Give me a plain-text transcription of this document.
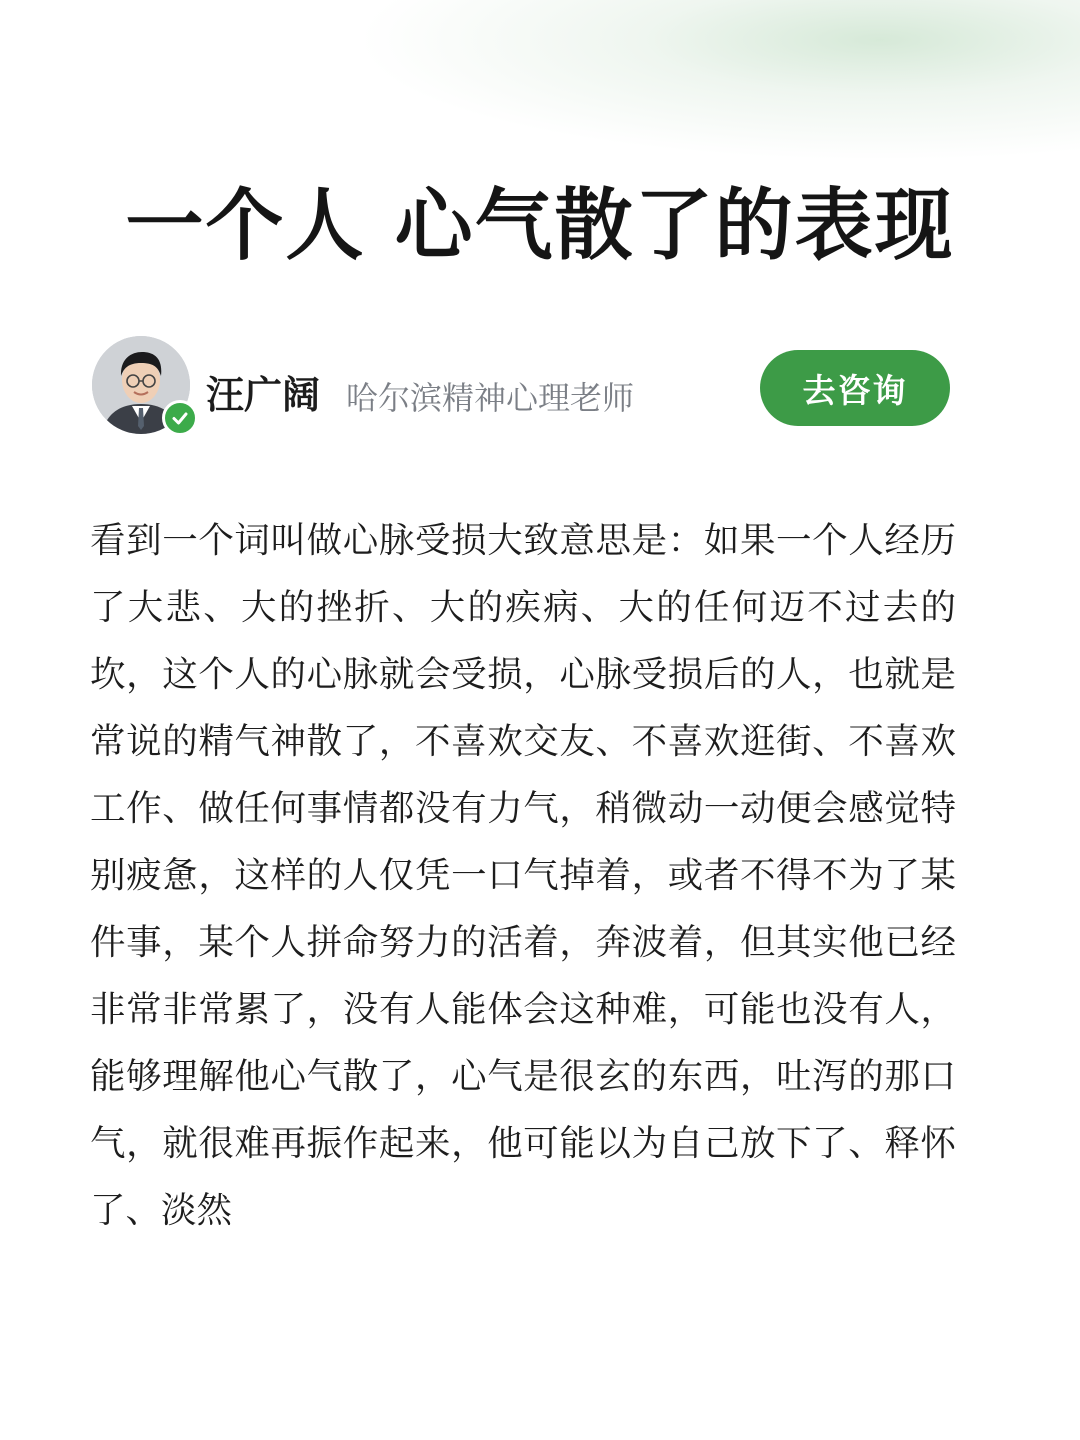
一个人 心气散了的表现
汪广阔 哈尔滨精神心理老师	去咨询

看到一个词叫做心脉受损大致意思是：如果一个人经历了大悲、大的挫折、大的疾病、大的任何迈不过去的坎，这个人的心脉就会受损，心脉受损后的人，也就是常说的精气神散了，不喜欢交友、不喜欢逛街、不喜欢工作、做任何事情都没有力气，稍微动一动便会感觉特别疲惫，这样的人仅凭一口气掉着，或者不得不为了某件事，某个人拼命努力的活着，奔波着，但其实他已经非常非常累了，没有人能体会这种难，可能也没有人，能够理解他心气散了，心气是很玄的东西，吐泻的那口气，就很难再振作起来，他可能以为自己放下了、释怀了、淡然
